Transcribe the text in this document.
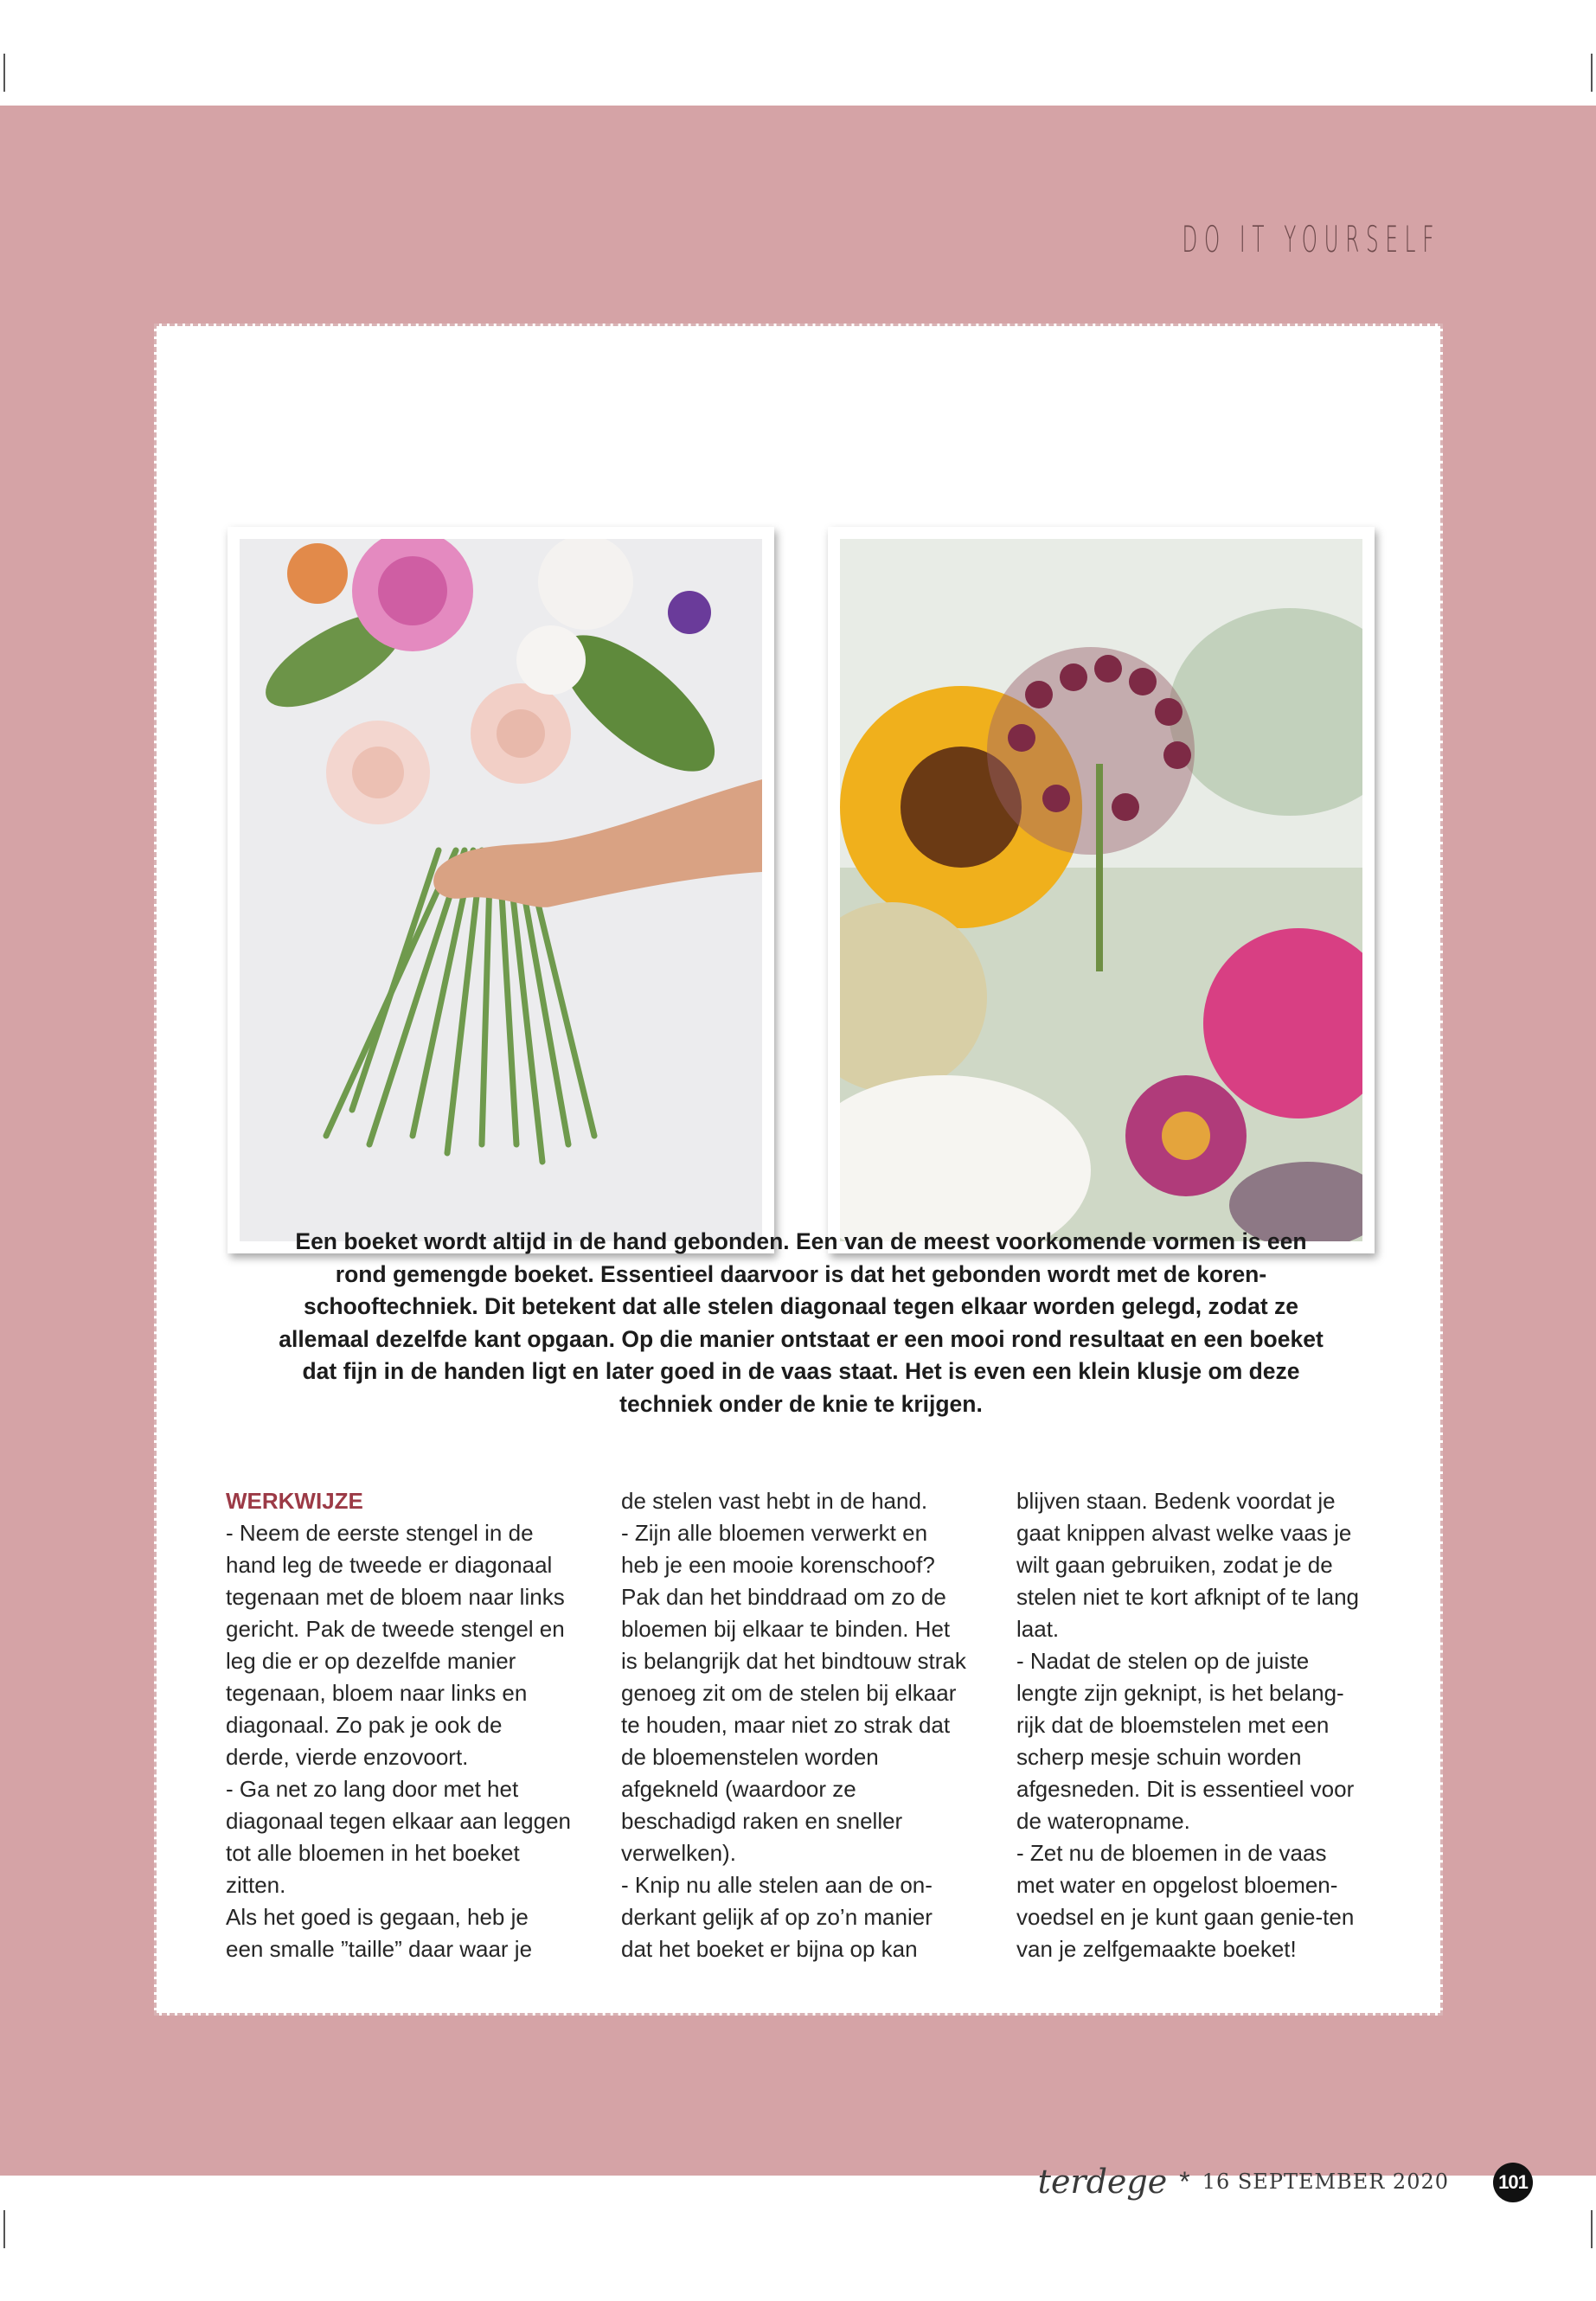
DO IT YOURSELF

Een boeket wordt altijd in de hand gebonden. Een van de meest voorkomende vormen is een rond gemengde boeket. Essentieel daarvoor is dat het gebonden wordt met de koren-schooftechniek. Dit betekent dat alle stelen diagonaal tegen elkaar worden gelegd, zodat ze allemaal dezelfde kant opgaan. Op die manier ontstaat er een mooi rond resultaat en een boeket dat fijn in de handen ligt en later goed in de vaas staat. Het is even een klein klusje om deze techniek onder de knie te krijgen.

WERKWIJZE
- Neem de eerste stengel in de hand leg de tweede er diagonaal tegenaan met de bloem naar links gericht. Pak de tweede stengel en leg die er op dezelfde manier tegenaan, bloem naar links en diagonaal. Zo pak je ook de derde, vierde enzovoort.
- Ga net zo lang door met het diagonaal tegen elkaar aan leggen tot alle bloemen in het boeket zitten.
Als het goed is gegaan, heb je een smalle ”taille” daar waar je
de stelen vast hebt in de hand.
- Zijn alle bloemen verwerkt en heb je een mooie korenschoof? Pak dan het binddraad om zo de bloemen bij elkaar te binden. Het is belangrijk dat het bindtouw strak genoeg zit om de stelen bij elkaar te houden, maar niet zo strak dat de bloemenstelen worden afgekneld (waardoor ze beschadigd raken en sneller verwelken).
- Knip nu alle stelen aan de on-derkant gelijk af op zo’n manier dat het boeket er bijna op kan
blijven staan. Bedenk voordat je gaat knippen alvast welke vaas je wilt gaan gebruiken, zodat je de stelen niet te kort afknipt of te lang laat.
- Nadat de stelen op de juiste lengte zijn geknipt, is het belang-rijk dat de bloemstelen met een scherp mesje schuin worden afgesneden. Dit is essentieel voor de wateropname.
- Zet nu de bloemen in de vaas met water en opgelost bloemen-voedsel en je kunt gaan genie-ten van je zelfgemaakte boeket!
terdege * 16 SEPTEMBER 2020	101
